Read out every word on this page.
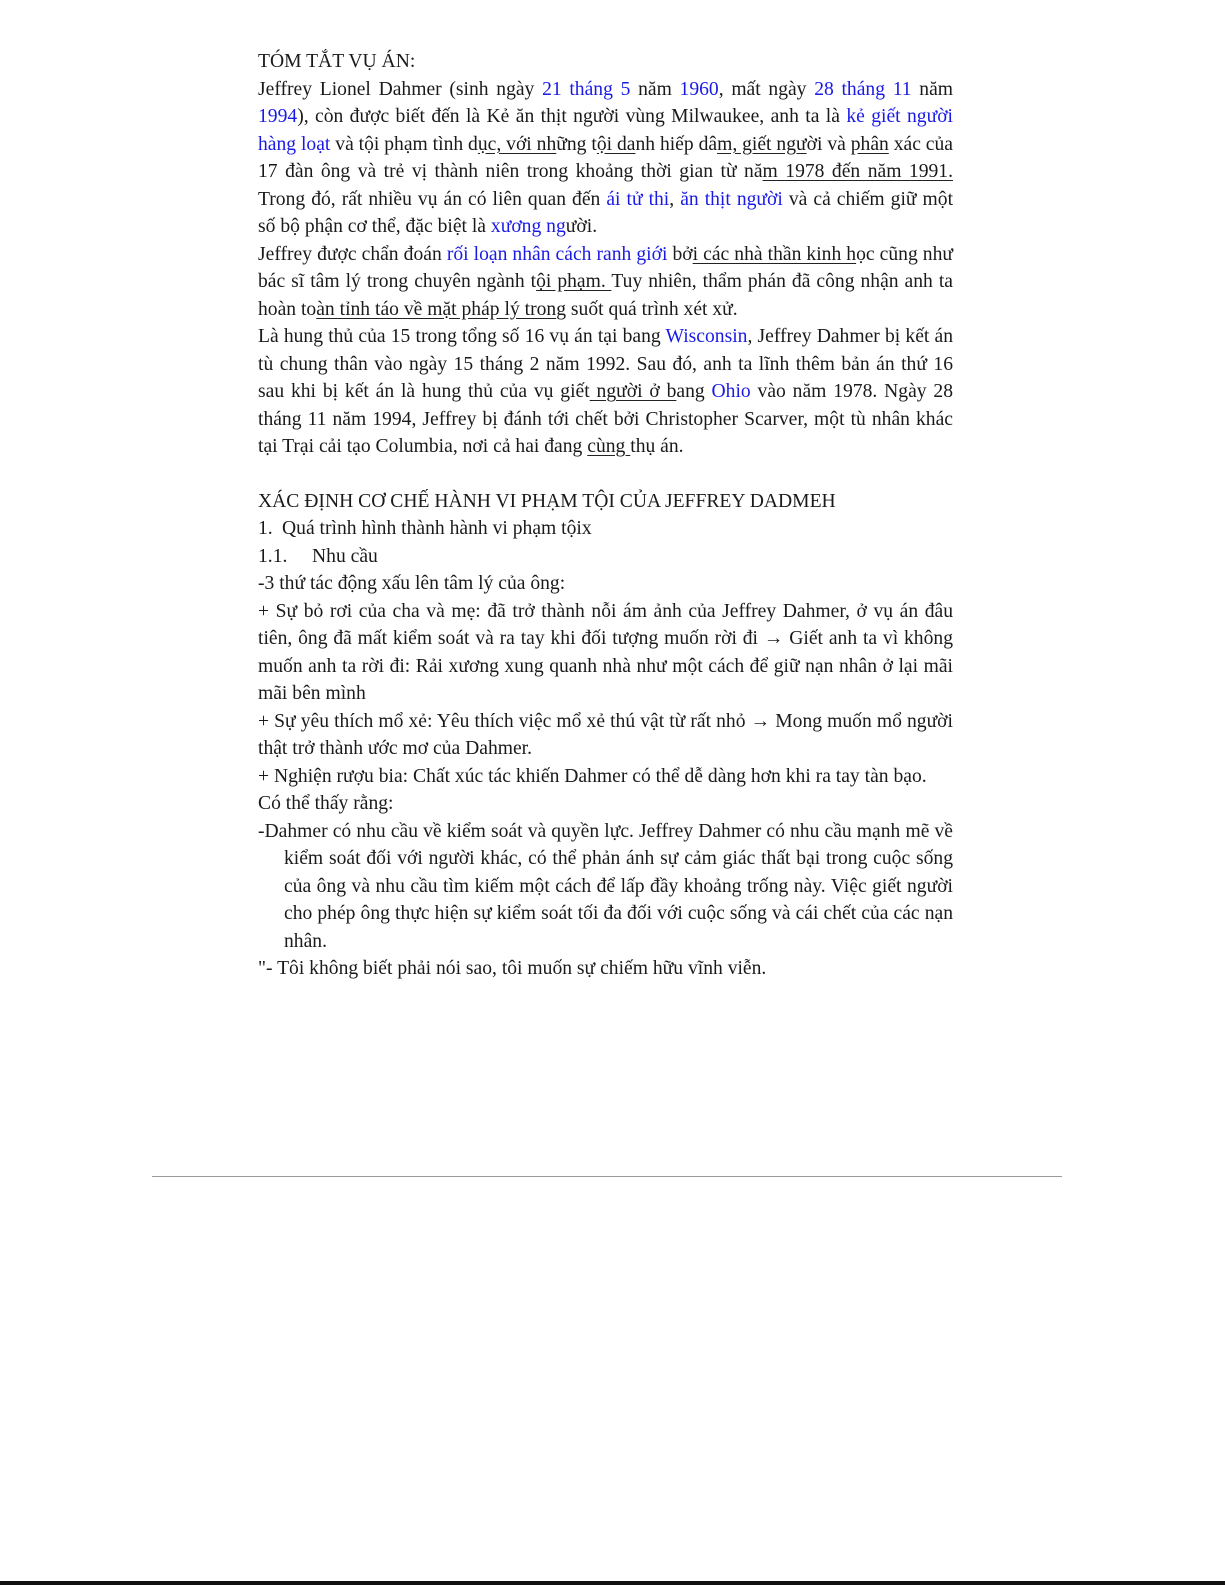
TÓM TẮT VỤ ÁN:

Jeffrey Lionel Dahmer (sinh ngày 21 tháng 5 năm 1960, mất ngày 28 tháng 11 năm 1994), còn được biết đến là Kẻ ăn thịt người vùng Milwaukee, anh ta là kẻ giết người hàng loạt và tội phạm tình dục, với những tội danh hiếp dâm, giết người và phân xác của 17 đàn ông và trẻ vị thành niên trong khoảng thời gian từ năm 1978 đến năm 1991. Trong đó, rất nhiều vụ án có liên quan đến ái tử thi, ăn thịt người và cả chiếm giữ một số bộ phận cơ thể, đặc biệt là xương người.

Jeffrey được chẩn đoán rối loạn nhân cách ranh giới bởi các nhà thần kinh học cũng như bác sĩ tâm lý trong chuyên ngành tội phạm. Tuy nhiên, thẩm phán đã công nhận anh ta hoàn toàn tỉnh táo về mặt pháp lý trong suốt quá trình xét xử.

Là hung thủ của 15 trong tổng số 16 vụ án tại bang Wisconsin, Jeffrey Dahmer bị kết án tù chung thân vào ngày 15 tháng 2 năm 1992. Sau đó, anh ta lĩnh thêm bản án thứ 16 sau khi bị kết án là hung thủ của vụ giết người ở bang Ohio vào năm 1978. Ngày 28 tháng 11 năm 1994, Jeffrey bị đánh tới chết bởi Christopher Scarver, một tù nhân khác tại Trại cải tạo Columbia, nơi cả hai đang cùng thụ án.

XÁC ĐỊNH CƠ CHẾ HÀNH VI PHẠM TỘI CỦA JEFFREY DADMEH

1. Quá trình hình thành hành vi phạm tộix

1.1. Nhu cầu

-3 thứ tác động xấu lên tâm lý của ông:

+ Sự bỏ rơi của cha và mẹ: đã trở thành nỗi ám ảnh của Jeffrey Dahmer, ở vụ án đâu tiên, ông đã mất kiểm soát và ra tay khi đối tượng muốn rời đi → Giết anh ta vì không muốn anh ta rời đi: Rải xương xung quanh nhà như một cách để giữ nạn nhân ở lại mãi mãi bên mình

+ Sự yêu thích mổ xẻ: Yêu thích việc mổ xẻ thú vật từ rất nhỏ → Mong muốn mổ người thật trở thành ước mơ của Dahmer.

+ Nghiện rượu bia: Chất xúc tác khiến Dahmer có thể dễ dàng hơn khi ra tay tàn bạo.

Có thể thấy rằng:

-Dahmer có nhu cầu về kiểm soát và quyền lực. Jeffrey Dahmer có nhu cầu mạnh mẽ về kiểm soát đối với người khác, có thể phản ánh sự cảm giác thất bại trong cuộc sống của ông và nhu cầu tìm kiếm một cách để lấp đầy khoảng trống này. Việc giết người cho phép ông thực hiện sự kiểm soát tối đa đối với cuộc sống và cái chết của các nạn nhân.

"- Tôi không biết phải nói sao, tôi muốn sự chiếm hữu vĩnh viễn.
